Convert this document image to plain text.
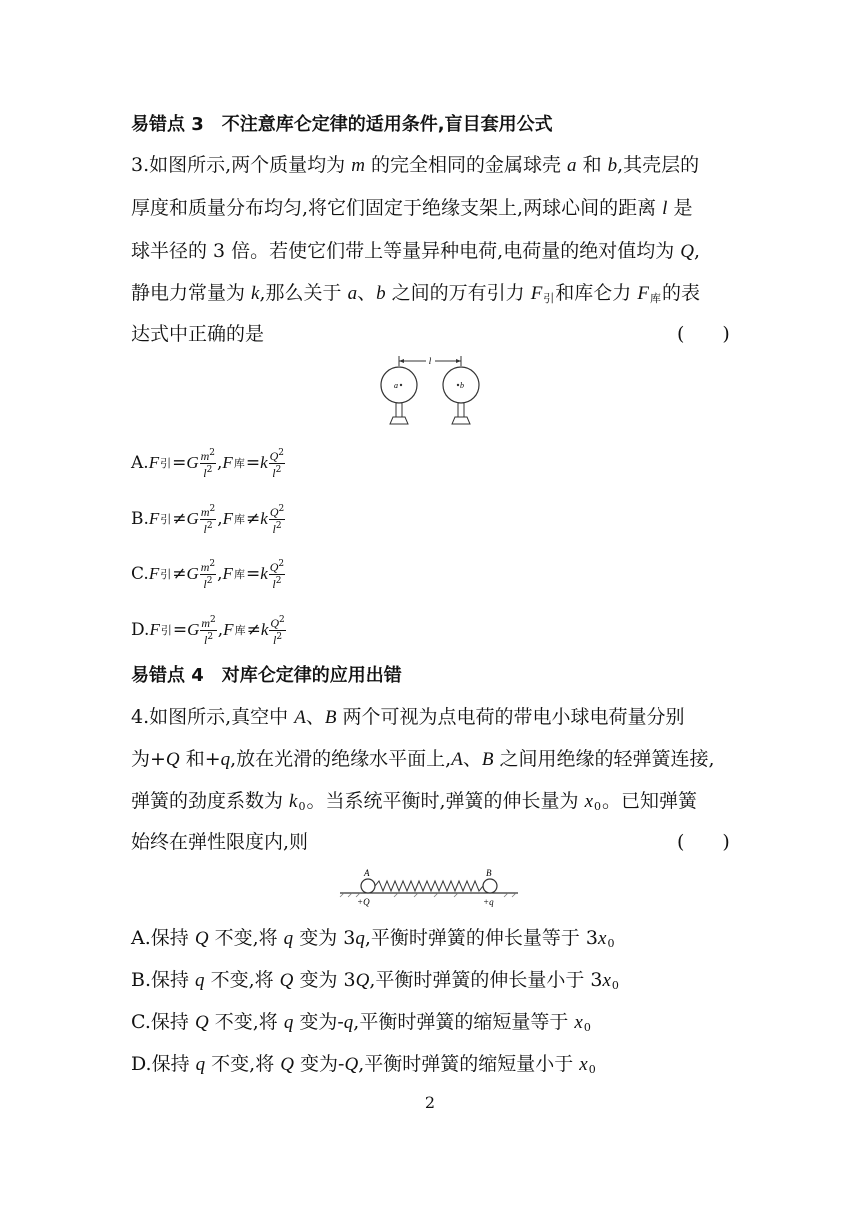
易错点 3　不注意库仑定律的适用条件,盲目套用公式
3.如图所示,两个质量均为 m 的完全相同的金属球壳 a 和 b,其壳层的
厚度和质量分布均匀,将它们固定于绝缘支架上,两球心间的距离 l 是
球半径的 3 倍。若使它们带上等量异种电荷,电荷量的绝对值均为 Q,
静电力常量为 k,那么关于 a、b 之间的万有引力 $F_引$和库仑力 $F_库$的表
达式中正确的是	(　　)
l
a	b
A. F 引 = G $\frac{m^2}{l^2}$ , F 库 = k $\frac{Q^2}{l^2}$
B. F 引 ≠ G $\frac{m^2}{l^2}$ , F 库 ≠ k $\frac{Q^2}{l^2}$
C. F 引 ≠ G $\frac{m^2}{l^2}$ , F 库 = k $\frac{Q^2}{l^2}$
D. F 引 = G $\frac{m^2}{l^2}$ , F 库 ≠ k $\frac{Q^2}{l^2}$
易错点 4　对库仑定律的应用出错
4.如图所示,真空中 A、B 两个可视为点电荷的带电小球电荷量分别
为+Q 和+q,放在光滑的绝缘水平面上,A、B 之间用绝缘的轻弹簧连接,
弹簧的劲度系数为 $k_0$。当系统平衡时,弹簧的伸长量为 $x_0$。已知弹簧
始终在弹性限度内,则	(　　)
A	B
+Q	+q
A.保持 Q 不变,将 q 变为 3q,平衡时弹簧的伸长量等于 $3x_0$
B.保持 q 不变,将 Q 变为 3Q,平衡时弹簧的伸长量小于 $3x_0$
C.保持 Q 不变,将 q 变为-q,平衡时弹簧的缩短量等于 $x_0$
D.保持 q 不变,将 Q 变为-Q,平衡时弹簧的缩短量小于 $x_0$
2
